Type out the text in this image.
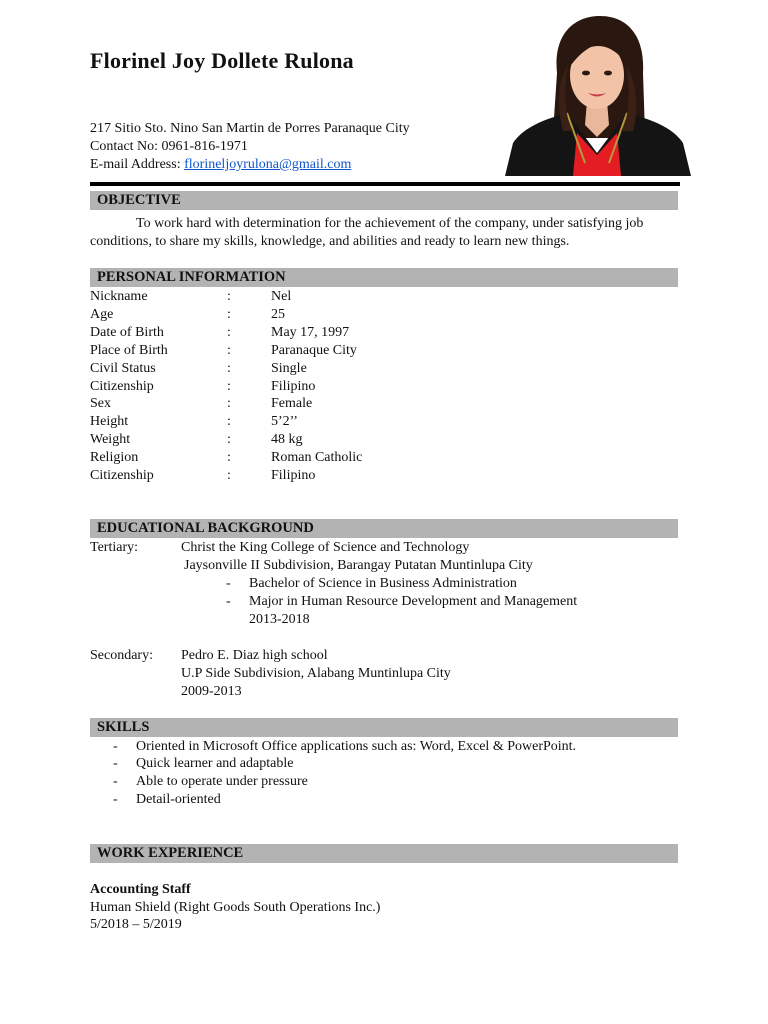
Florinel Joy Dollete Rulona
217 Sitio Sto. Nino San Martin de Porres Paranaque City
Contact No: 0961-816-1971
E-mail Address: florineljoyrulona@gmail.com
OBJECTIVE
To work hard with determination for the achievement of the company, under satisfying job conditions, to share my skills, knowledge, and abilities and ready to learn new things.
PERSONAL INFORMATION
Nickname	:	Nel
Age	:	25
Date of Birth	:	May 17, 1997
Place of Birth	:	Paranaque City
Civil Status	:	Single
Citizenship	:	Filipino
Sex	:	Female
Height	:	5’2’’
Weight	:	48 kg
Religion	:	Roman Catholic
Citizenship	:	Filipino
EDUCATIONAL BACKGROUND
Tertiary:	Christ the King College of Science and Technology
Jaysonville II Subdivision, Barangay Putatan Muntinlupa City
- Bachelor of Science in Business Administration
- Major in Human Resource Development and Management
2013-2018
Secondary: Pedro E. Diaz high school
U.P Side Subdivision, Alabang Muntinlupa City
2009-2013
SKILLS
- Oriented in Microsoft Office applications such as: Word, Excel & PowerPoint.
- Quick learner and adaptable
- Able to operate under pressure
- Detail-oriented
WORK EXPERIENCE
Accounting Staff
Human Shield (Right Goods South Operations Inc.)
5/2018 – 5/2019
